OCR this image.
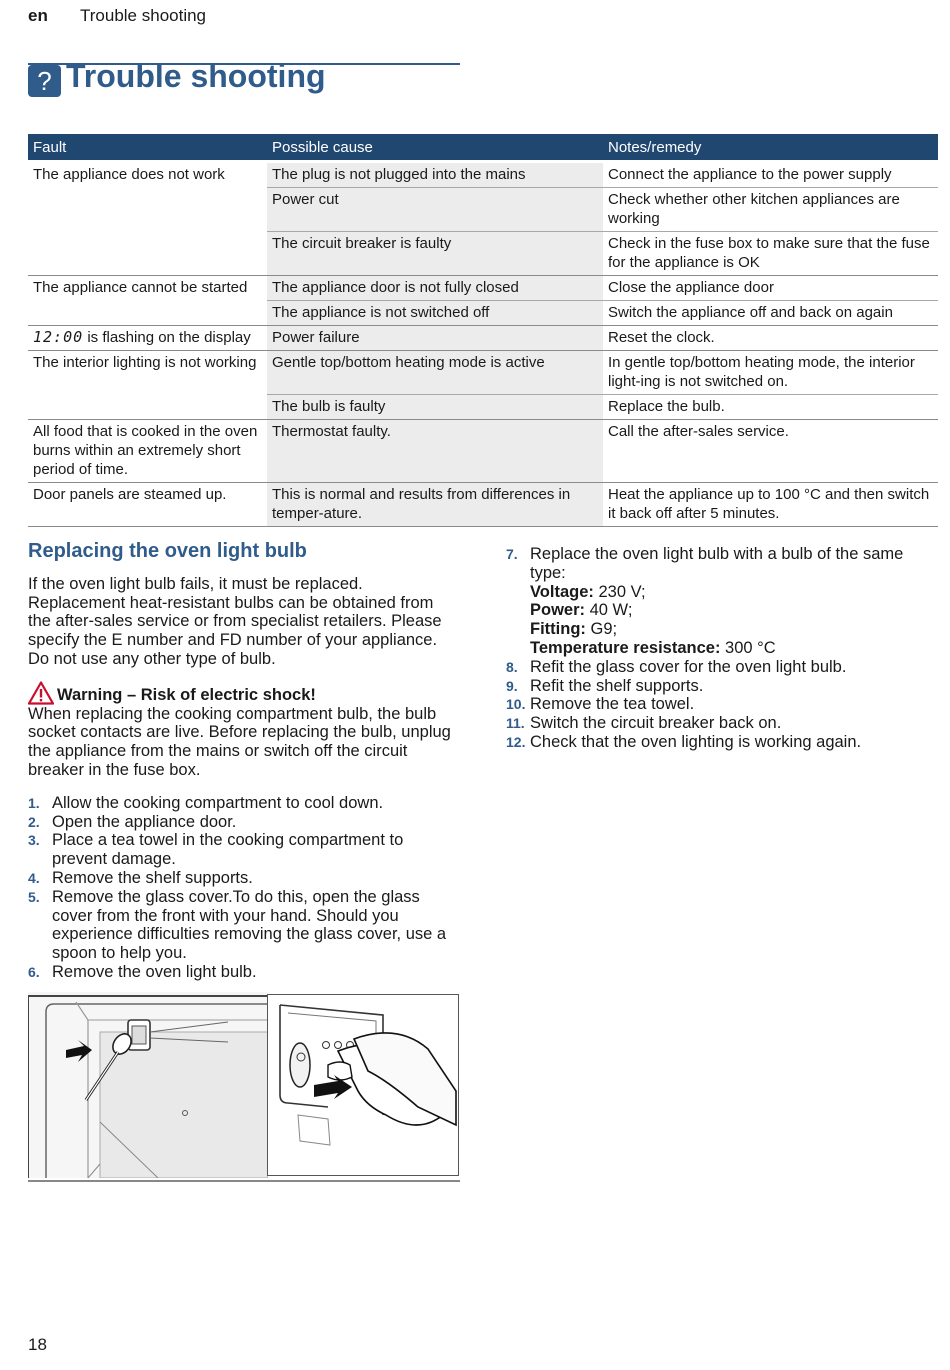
en Trouble shooting
? Trouble shooting
Fault	Possible cause	Notes/remedy
The appliance does not work	The plug is not plugged into the mains	Connect the appliance to the power supply
	Power cut	Check whether other kitchen appliances are working
	The circuit breaker is faulty	Check in the fuse box to make sure that the fuse for the appliance is OK
The appliance cannot be started	The appliance door is not fully closed	Close the appliance door
	The appliance is not switched off	Switch the appliance off and back on again
12:00 is flashing on the display	Power failure	Reset the clock.
The interior lighting is not working	Gentle top/bottom heating mode is active	In gentle top/bottom heating mode, the interior light-ing is not switched on.
	The bulb is faulty	Replace the bulb.
All food that is cooked in the oven burns within an extremely short period of time.	Thermostat faulty.	Call the after-sales service.
Door panels are steamed up.	This is normal and results from differences in temper-ature.	Heat the appliance up to 100 °C and then switch it back off after 5 minutes.
Replacing the oven light bulb

If the oven light bulb fails, it must be replaced. Replacement heat-resistant bulbs can be obtained from the after-sales service or from specialist retailers. Please specify the E number and FD number of your appliance. Do not use any other type of bulb.

Warning – Risk of electric shock!

When replacing the cooking compartment bulb, the bulb socket contacts are live. Before replacing the bulb, unplug the appliance from the mains or switch off the circuit breaker in the fuse box.

1. Allow the cooking compartment to cool down.
2. Open the appliance door.
3. Place a tea towel in the cooking compartment to prevent damage.
4. Remove the shelf supports.
5. Remove the glass cover.To do this, open the glass cover from the front with your hand. Should you experience difficulties removing the glass cover, use a spoon to help you.
6. Remove the oven light bulb.
7. Replace the oven light bulb with a bulb of the same type:
Voltage: 230 V;
Power: 40 W;
Fitting: G9;
Temperature resistance: 300 °C
8. Refit the glass cover for the oven light bulb.
9. Refit the shelf supports.
10. Remove the tea towel.
11. Switch the circuit breaker back on.
12. Check that the oven lighting is working again.
18
